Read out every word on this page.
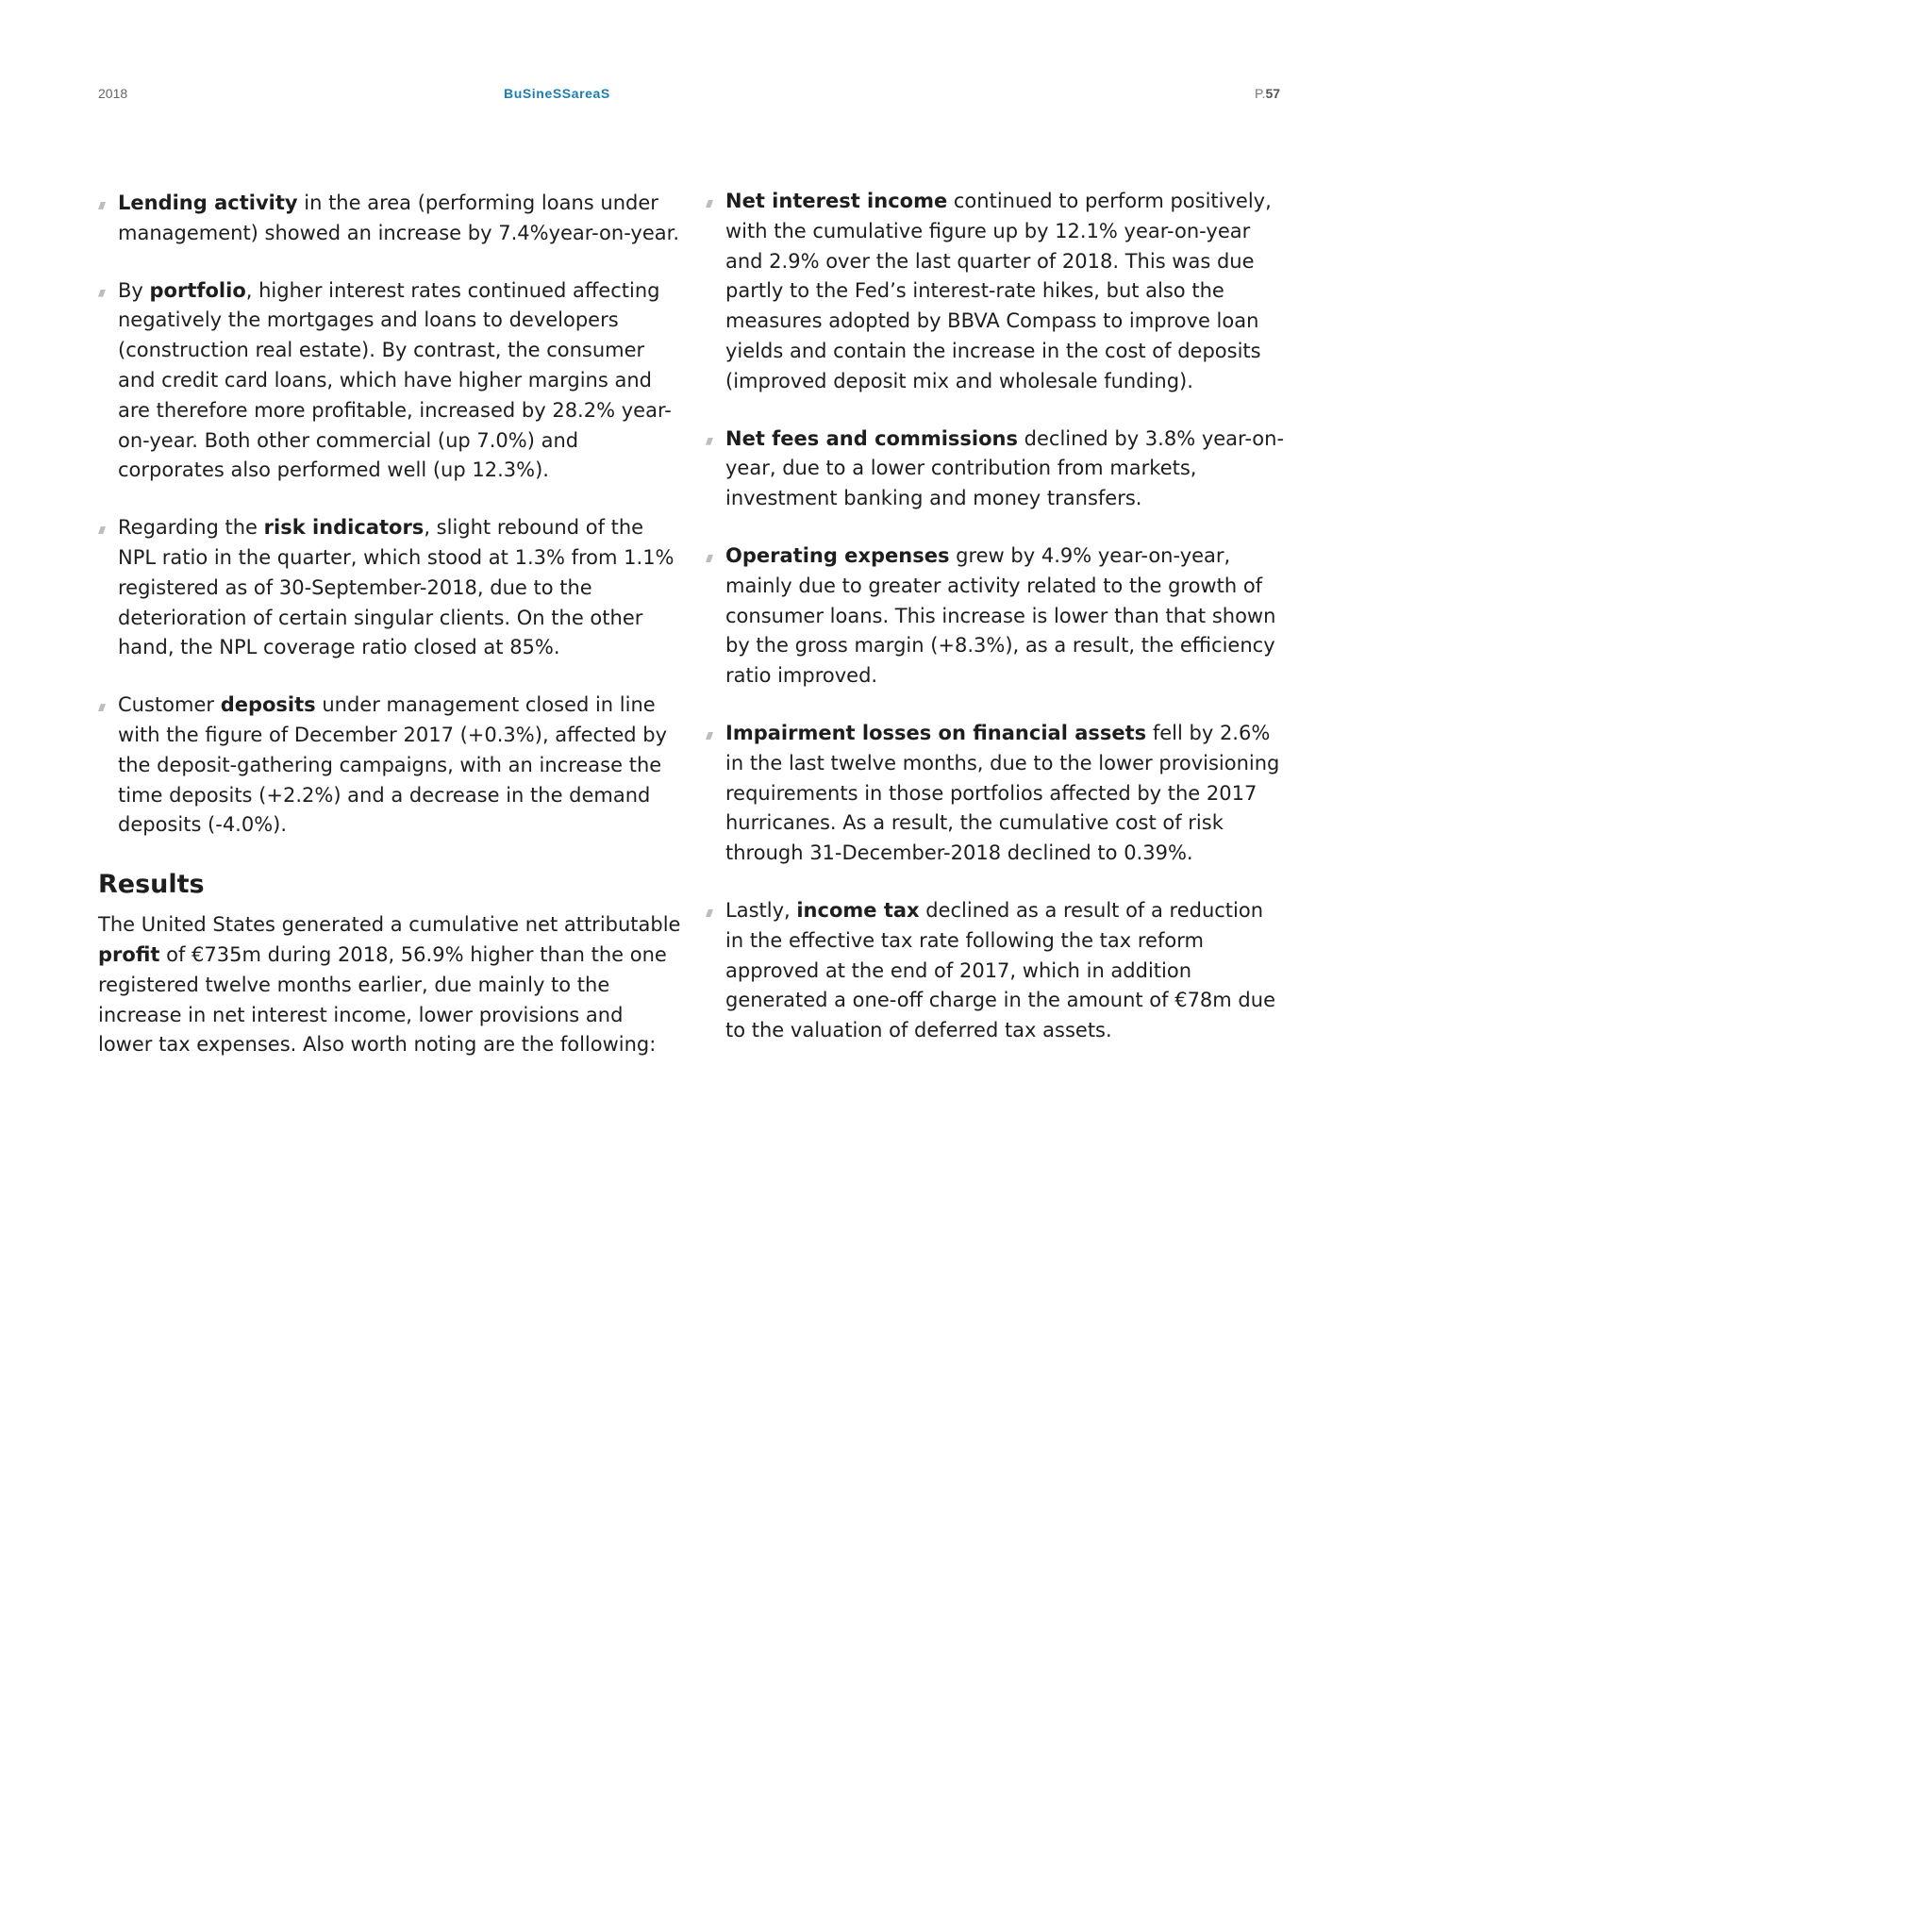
2018	BuSineSSareaS	P.57

Lending activity in the area (performing loans under management) showed an increase by 7.4%year-on-year.

By portfolio, higher interest rates continued affecting negatively the mortgages and loans to developers (construction real estate). By contrast, the consumer and credit card loans, which have higher margins and are therefore more profitable, increased by 28.2% year-on-year. Both other commercial (up 7.0%) and corporates also performed well (up 12.3%).

Regarding the risk indicators, slight rebound of the NPL ratio in the quarter, which stood at 1.3% from 1.1% registered as of 30-September-2018, due to the deterioration of certain singular clients. On the other hand, the NPL coverage ratio closed at 85%.

Customer deposits under management closed in line with the figure of December 2017 (+0.3%), affected by the deposit-gathering campaigns, with an increase the time deposits (+2.2%) and a decrease in the demand deposits (-4.0%).

Results

The United States generated a cumulative net attributable profit of €735m during 2018, 56.9% higher than the one registered twelve months earlier, due mainly to the increase in net interest income, lower provisions and lower tax expenses. Also worth noting are the following:

Net interest income continued to perform positively, with the cumulative figure up by 12.1% year-on-year and 2.9% over the last quarter of 2018. This was due partly to the Fed’s interest-rate hikes, but also the measures adopted by BBVA Compass to improve loan yields and contain the increase in the cost of deposits (improved deposit mix and wholesale funding).

Net fees and commissions declined by 3.8% year-on-year, due to a lower contribution from markets, investment banking and money transfers.

Operating expenses grew by 4.9% year-on-year, mainly due to greater activity related to the growth of consumer loans. This increase is lower than that shown by the gross margin (+8.3%), as a result, the efficiency ratio improved.

Impairment losses on financial assets fell by 2.6% in the last twelve months, due to the lower provisioning requirements in those portfolios affected by the 2017 hurricanes. As a result, the cumulative cost of risk through 31-December-2018 declined to 0.39%.

Lastly, income tax declined as a result of a reduction in the effective tax rate following the tax reform approved at the end of 2017, which in addition generated a one-off charge in the amount of €78m due to the valuation of deferred tax assets.
